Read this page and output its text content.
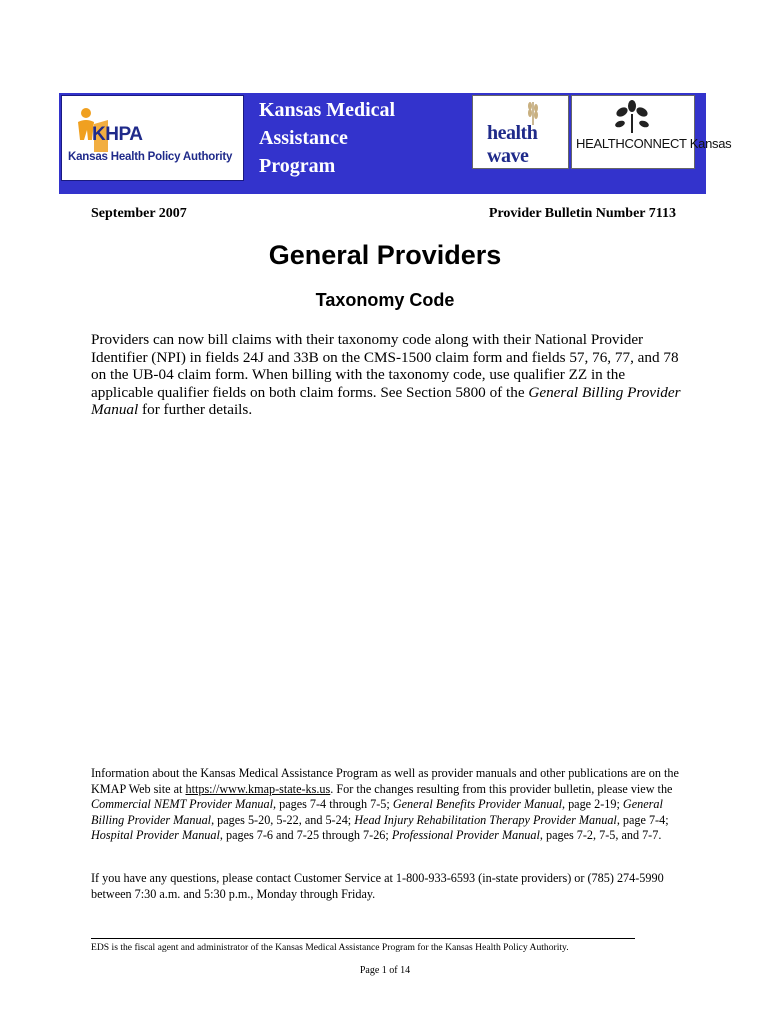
KHPA
Kansas Health Policy Authority
Kansas Medical
Assistance
Program
health wave
HEALTHCONNECT Kansas
September 2007	Provider Bulletin Number 7113
General Providers
Taxonomy Code
Providers can now bill claims with their taxonomy code along with their National Provider Identifier (NPI) in fields 24J and 33B on the CMS-1500 claim form and fields 57, 76, 77, and 78 on the UB-04 claim form. When billing with the taxonomy code, use qualifier ZZ in the applicable qualifier fields on both claim forms. See Section 5800 of the General Billing Provider Manual for further details.
Information about the Kansas Medical Assistance Program as well as provider manuals and other publications are on the KMAP Web site at https://www.kmap-state-ks.us. For the changes resulting from this provider bulletin, please view the Commercial NEMT Provider Manual, pages 7-4 through 7-5; General Benefits Provider Manual, page 2-19; General Billing Provider Manual, pages 5-20, 5-22, and 5-24; Head Injury Rehabilitation Therapy Provider Manual, page 7-4; Hospital Provider Manual, pages 7-6 and 7-25 through 7-26; Professional Provider Manual, pages 7-2, 7-5, and 7-7.
If you have any questions, please contact Customer Service at 1-800-933-6593 (in-state providers) or (785) 274-5990 between 7:30 a.m. and 5:30 p.m., Monday through Friday.
EDS is the fiscal agent and administrator of the Kansas Medical Assistance Program for the Kansas Health Policy Authority.
Page 1 of 14
